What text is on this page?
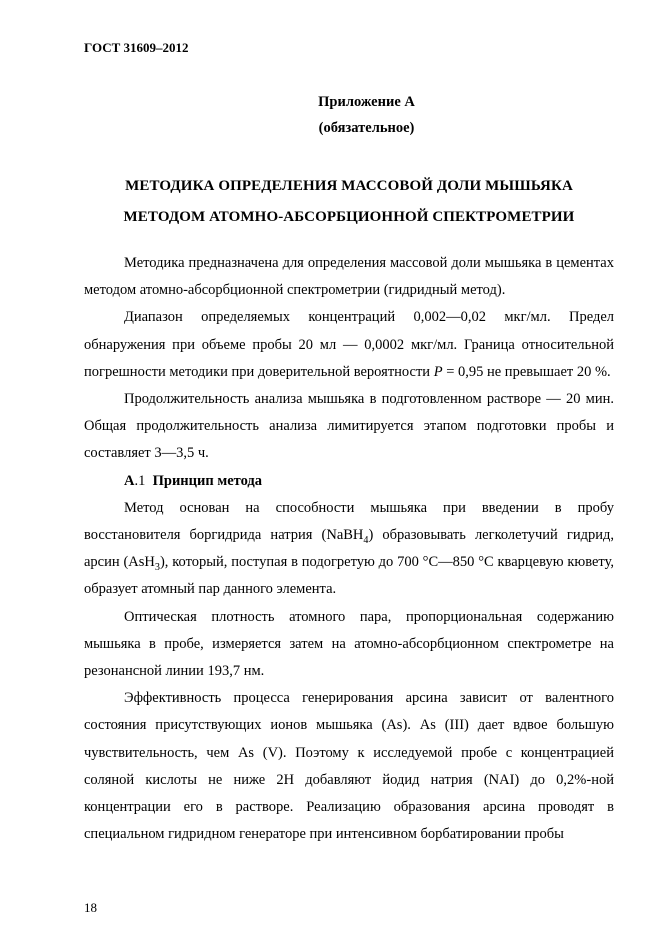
ГОСТ 31609–2012
Приложение А
(обязательное)
МЕТОДИКА ОПРЕДЕЛЕНИЯ МАССОВОЙ ДОЛИ МЫШЬЯКА
МЕТОДОМ АТОМНО-АБСОРБЦИОННОЙ СПЕКТРОМЕТРИИ

Методика предназначена для определения массовой доли мышьяка в цементах методом атомно-абсорбционной спектрометрии (гидридный метод).

Диапазон определяемых концентраций 0,002—0,02 мкг/мл. Предел обнаружения при объеме пробы 20 мл — 0,0002 мкг/мл. Граница относительной погрешности методики при доверительной вероятности P = 0,95 не превышает 20 %.

Продолжительность анализа мышьяка в подготовленном растворе — 20 мин. Общая продолжительность анализа лимитируется этапом подготовки пробы и составляет 3—3,5 ч.

А.1 Принцип метода

Метод основан на способности мышьяка при введении в пробу восстановителя боргидрида натрия (NaBH$_4$) образовывать легколетучий гидрид, арсин (AsH$_3$), который, поступая в подогретую до 700 °С—850 °С кварцевую кювету, образует атомный пар данного элемента.

Оптическая плотность атомного пара, пропорциональная содержанию мышьяка в пробе, измеряется затем на атомно-абсорбционном спектрометре на резонансной линии 193,7 нм.

Эффективность процесса генерирования арсина зависит от валентного состояния присутствующих ионов мышьяка (As). As (III) дает вдвое большую чувствительность, чем As (V). Поэтому к исследуемой пробе с концентрацией соляной кислоты не ниже 2Н добавляют йодид натрия (NAI) до 0,2%-ной концентрации его в растворе. Реализацию образования арсина проводят в специальном гидридном генераторе при интенсивном борбатировании пробы

18
